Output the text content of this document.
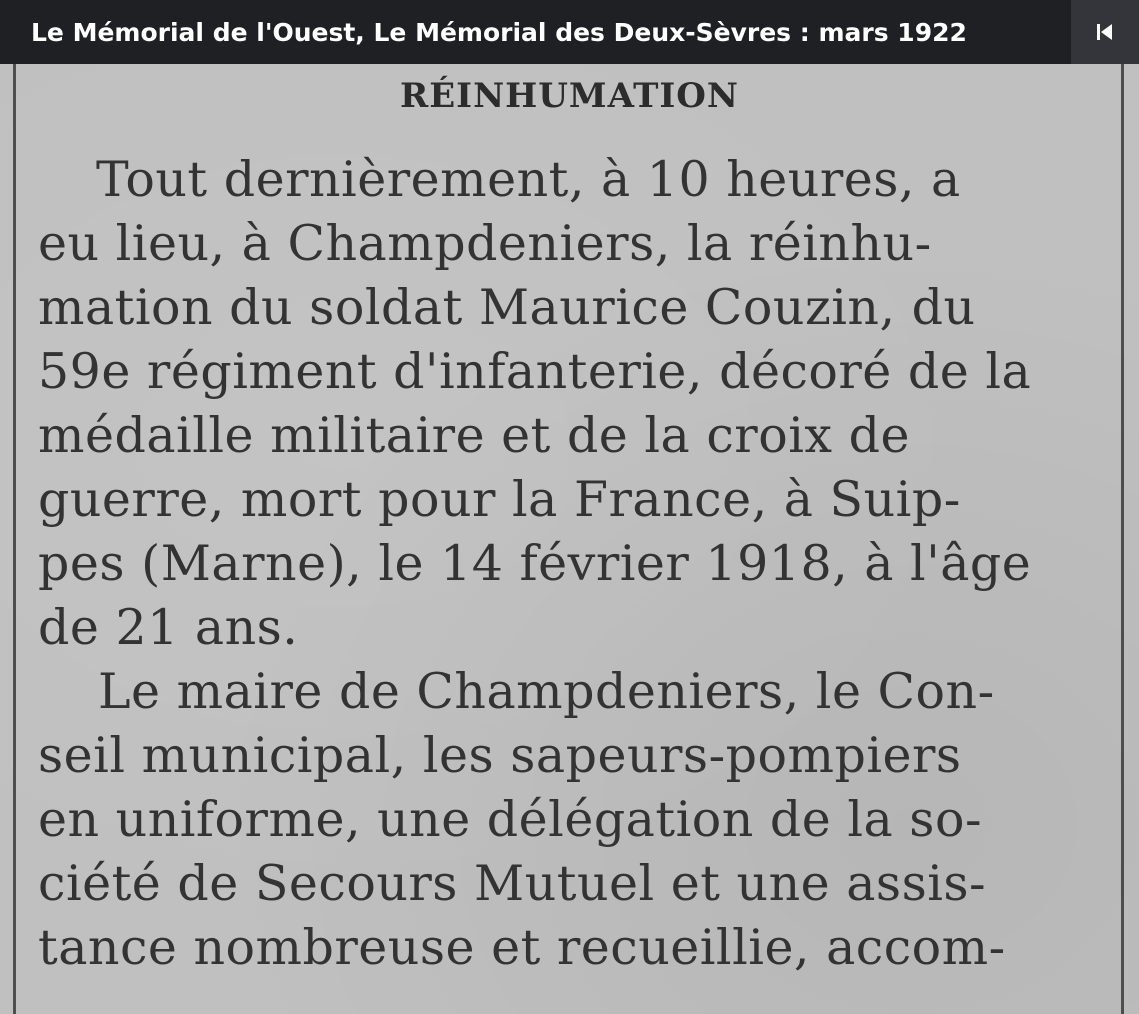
Le Mémorial de l'Ouest, Le Mémorial des Deux-Sèvres : mars 1922
RÉINHUMATION
Tout dernièrement, à 10 heures, a
eu lieu, à Champdeniers, la réinhu-
mation du soldat Maurice Couzin, du
59e régiment d'infanterie, décoré de la
médaille militaire et de la croix de
guerre, mort pour la France, à Suip-
pes (Marne), le 14 février 1918, à l'âge
de 21 ans.
Le maire de Champdeniers, le Con-
seil municipal, les sapeurs-pompiers
en uniforme, une délégation de la so-
ciété de Secours Mutuel et une assis-
tance nombreuse et recueillie, accom-
